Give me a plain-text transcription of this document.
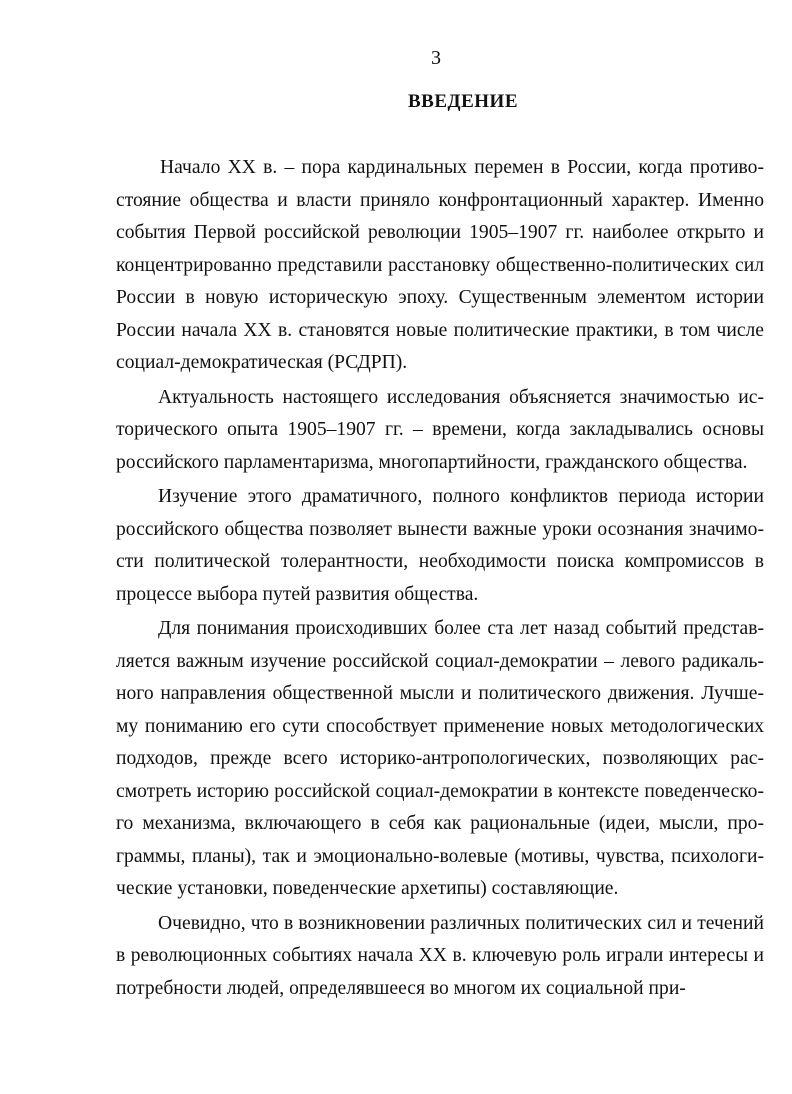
3
ВВЕДЕНИЕ

Начало XX в. – пора кардинальных перемен в России, когда противостояние общества и власти приняло конфронтационный характер. Именно события Первой российской революции 1905–1907 гг. наиболее открыто и концентрированно представили расстановку общественно-политических сил России в новую историческую эпоху. Существенным элементом истории России начала XX в. становятся новые политические практики, в том числе социал-демократическая (РСДРП).

Актуальность настоящего исследования объясняется значимостью исторического опыта 1905–1907 гг. – времени, когда закладывались основы российского парламентаризма, многопартийности, гражданского общества.

Изучение этого драматичного, полного конфликтов периода истории российского общества позволяет вынести важные уроки осознания значимости политической толерантности, необходимости поиска компромиссов в процессе выбора путей развития общества.

Для понимания происходивших более ста лет назад событий представляется важным изучение российской социал-демократии – левого радикального направления общественной мысли и политического движения. Лучшему пониманию его сути способствует применение новых методологических подходов, прежде всего историко-антропологических, позволяющих рассмотреть историю российской социал-демократии в контексте поведенческого механизма, включающего в себя как рациональные (идеи, мысли, программы, планы), так и эмоционально-волевые (мотивы, чувства, психологические установки, поведенческие архетипы) составляющие.

Очевидно, что в возникновении различных политических сил и течений в революционных событиях начала XX в. ключевую роль играли интересы и потребности людей, определявшееся во многом их социальной при-
